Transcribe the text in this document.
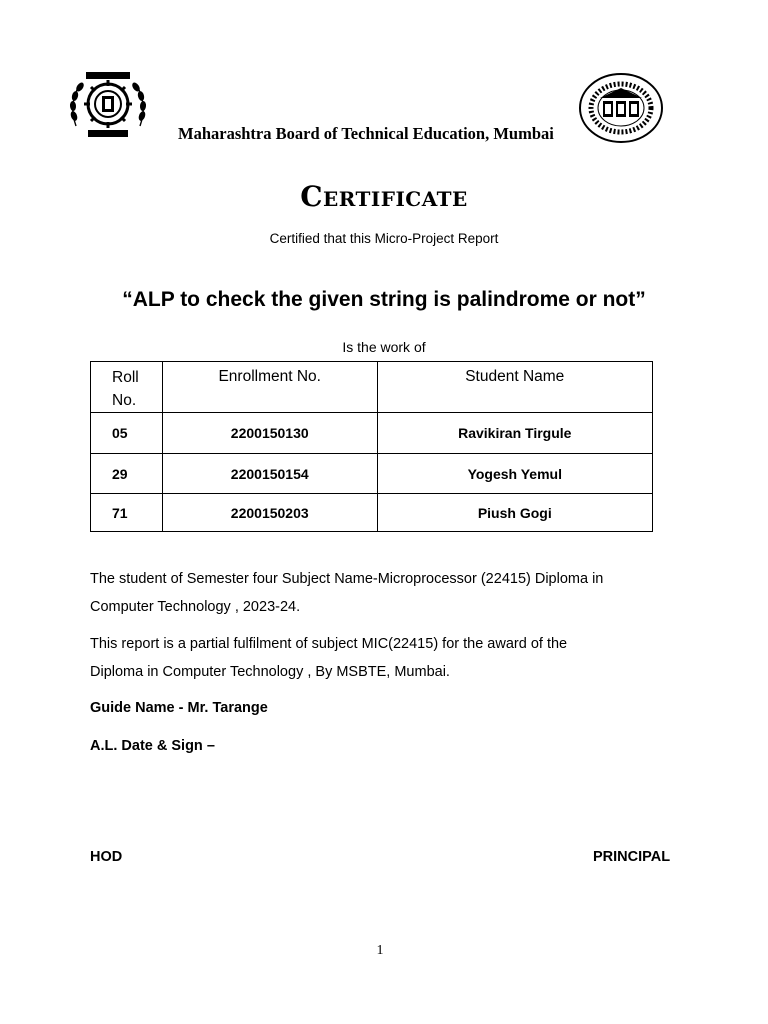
Maharashtra Board of Technical Education, Mumbai
Certificate
Certified that this Micro-Project Report
“ALP to check the given string is palindrome or not”
Is the work of
Roll
No.	Enrollment No.	Student Name
05	2200150130	Ravikiran Tirgule
29	2200150154	Yogesh Yemul
71	2200150203	Piush Gogi
The student of Semester four Subject Name-Microprocessor (22415) Diploma in
Computer Technology , 2023-24.
This report is a partial fulfilment of subject MIC(22415) for the award of the
Diploma in Computer Technology , By MSBTE, Mumbai.
Guide Name - Mr. Tarange
A.L. Date & Sign –
HOD	PRINCIPAL
1
